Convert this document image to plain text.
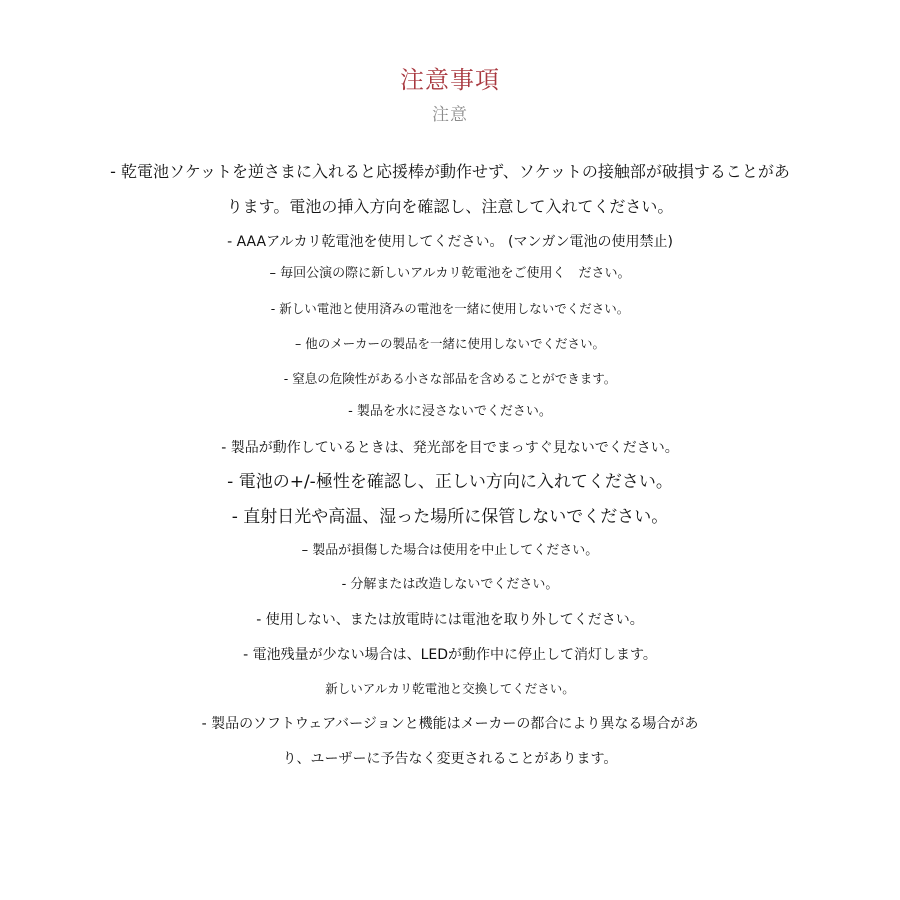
注意事項
注意
- 乾電池ソケットを逆さまに入れると応援棒が動作せず、ソケットの接触部が破損することがあ
ります。電池の挿入方向を確認し、注意して入れてください。
- AAAアルカリ乾電池を使用してください。 (マンガン電池の使用禁止)
– 毎回公演の際に新しいアルカリ乾電池をご使用く　ださい。
- 新しい電池と使用済みの電池を一緒に使用しないでください。
– 他のメーカーの製品を一緒に使用しないでください。
- 窒息の危険性がある小さな部品を含めることができます。
- 製品を水に浸さないでください。
- 製品が動作しているときは、発光部を目でまっすぐ見ないでください。
- 電池の+/-極性を確認し、正しい方向に入れてください。
- 直射日光や高温、湿った場所に保管しないでください。
– 製品が損傷した場合は使用を中止してください。
- 分解または改造しないでください。
- 使用しない、または放電時には電池を取り外してください。
- 電池残量が少ない場合は、LEDが動作中に停止して消灯します。
新しいアルカリ乾電池と交換してください。
- 製品のソフトウェアバージョンと機能はメーカーの都合により異なる場合があ
り、ユーザーに予告なく変更されることがあります。
